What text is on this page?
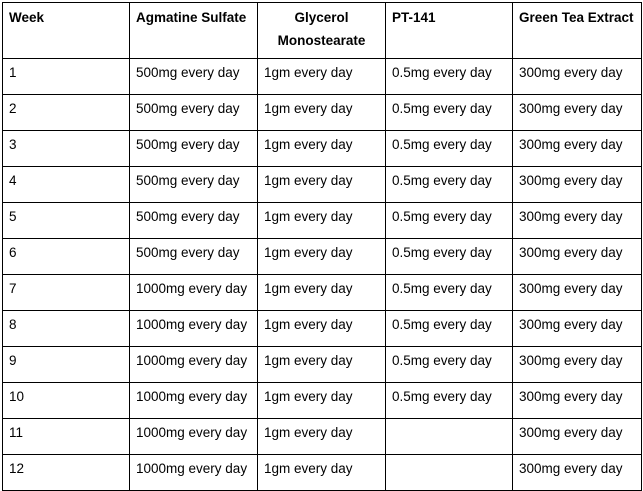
Week	Agmatine Sulfate	Glycerol Monostearate	PT-141	Green Tea Extract
1	500mg every day	1gm every day	0.5mg every day	300mg every day
2	500mg every day	1gm every day	0.5mg every day	300mg every day
3	500mg every day	1gm every day	0.5mg every day	300mg every day
4	500mg every day	1gm every day	0.5mg every day	300mg every day
5	500mg every day	1gm every day	0.5mg every day	300mg every day
6	500mg every day	1gm every day	0.5mg every day	300mg every day
7	1000mg every day	1gm every day	0.5mg every day	300mg every day
8	1000mg every day	1gm every day	0.5mg every day	300mg every day
9	1000mg every day	1gm every day	0.5mg every day	300mg every day
10	1000mg every day	1gm every day	0.5mg every day	300mg every day
11	1000mg every day	1gm every day		300mg every day
12	1000mg every day	1gm every day		300mg every day
